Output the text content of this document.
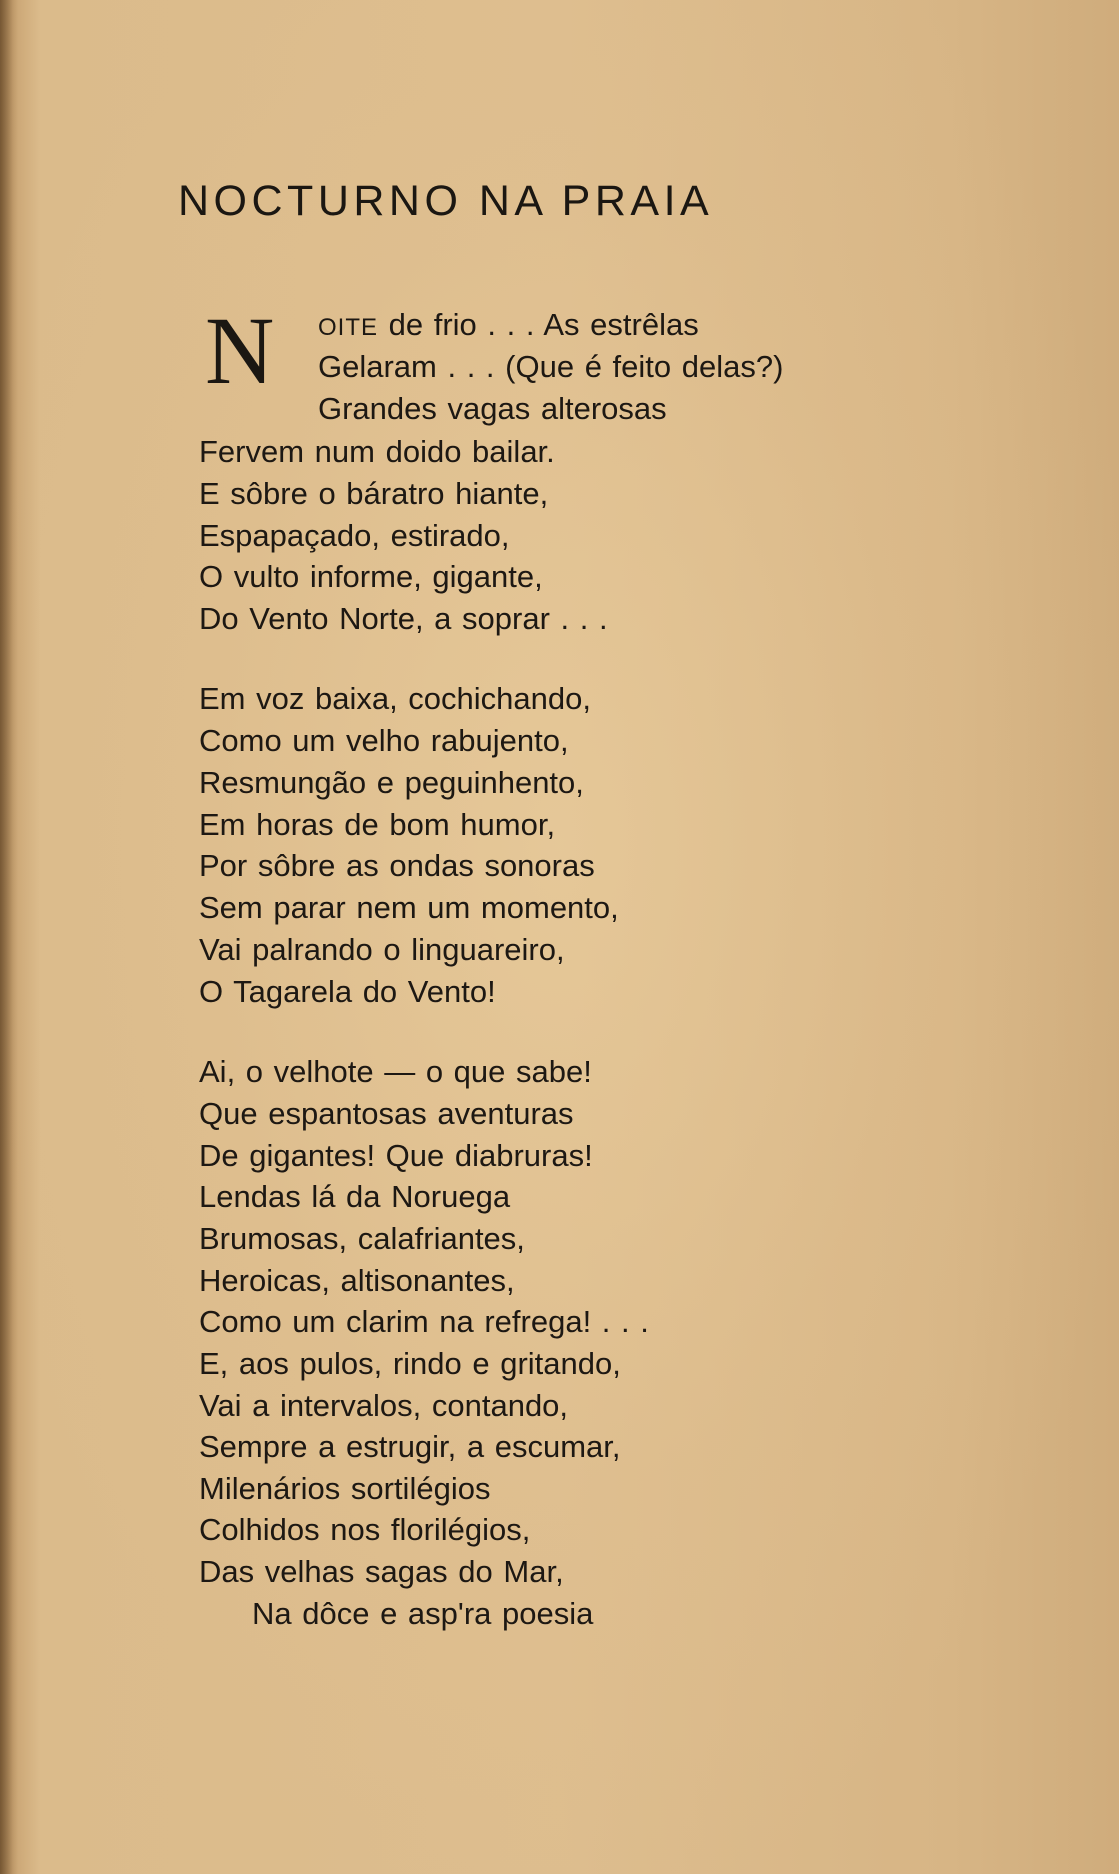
NOCTURNO NA PRAIA
N OITE de frio . . . As estrêlas

Gelaram . . . (Que é feito delas?)

Grandes vagas alterosas

Fervem num doido bailar.

E sôbre o báratro hiante,

Espapaçado, estirado,

O vulto informe, gigante,

Do Vento Norte, a soprar . . .

Em voz baixa, cochichando,

Como um velho rabujento,

Resmungão e peguinhento,

Em horas de bom humor,

Por sôbre as ondas sonoras

Sem parar nem um momento,

Vai palrando o linguareiro,

O Tagarela do Vento!

Ai, o velhote — o que sabe!

Que espantosas aventuras

De gigantes! Que diabruras!

Lendas lá da Noruega

Brumosas, calafriantes,

Heroicas, altisonantes,

Como um clarim na refrega! . . .

E, aos pulos, rindo e gritando,

Vai a intervalos, contando,

Sempre a estrugir, a escumar,

Milenários sortilégios

Colhidos nos florilégios,

Das velhas sagas do Mar,

Na dôce e asp'ra poesia
